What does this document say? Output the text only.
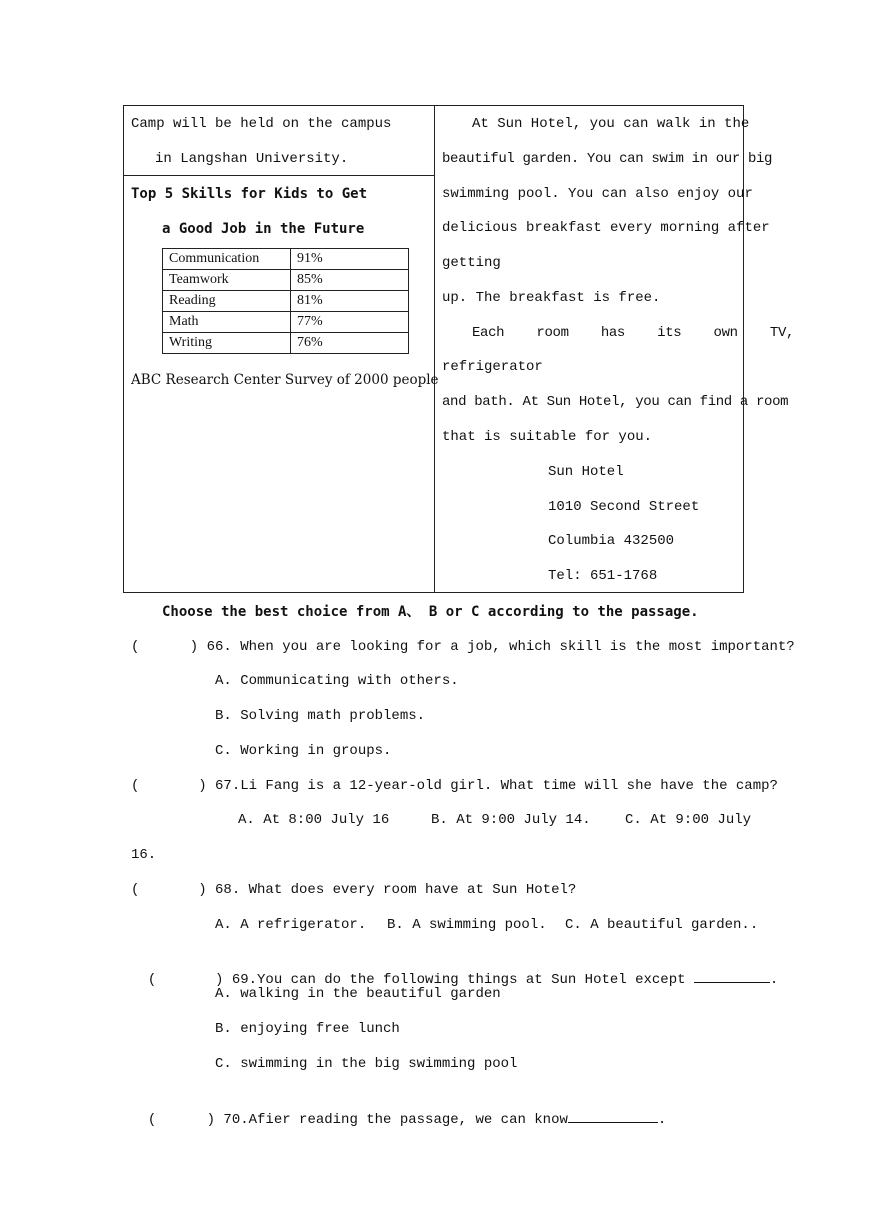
Camp will be held on the campus
in Langshan University.
Top 5 Skills for Kids to Get
a Good Job in the Future
Communication	91%
Teamwork	85%
Reading	81%
Math	77%
Writing	76%
ABC Research Center Survey of 2000 people
At Sun Hotel, you can walk in the
beautiful garden. You can swim in our big
swimming pool. You can also enjoy our
delicious breakfast every morning after
getting
up. The breakfast is free.
Each    room    has    its    own    TV,
refrigerator
and bath. At Sun Hotel, you can find a room
that is suitable for you.
Sun Hotel
1010 Second Street
Columbia 432500
Tel: 651-1768
Choose the best choice from A、 B or C according to the passage.
(      ) 66. When you are looking for a job, which skill is the most important?
A. Communicating with others.
B. Solving math problems.
C. Working in groups.
(       ) 67.Li Fang is a 12-year-old girl. What time will she have the camp?
A. At 8:00 July 16	B. At 9:00 July 14. C. At 9:00 July
16.
(       ) 68. What does every room have at Sun Hotel?
A. A refrigerator. B. A swimming pool. C. A beautiful garden..

(       ) 69.You can do the following things at Sun Hotel except	.

A. walking in the beautiful garden
B. enjoying free lunch
C. swimming in the big swimming pool

(      ) 70.Afier reading the passage, we can know	.
